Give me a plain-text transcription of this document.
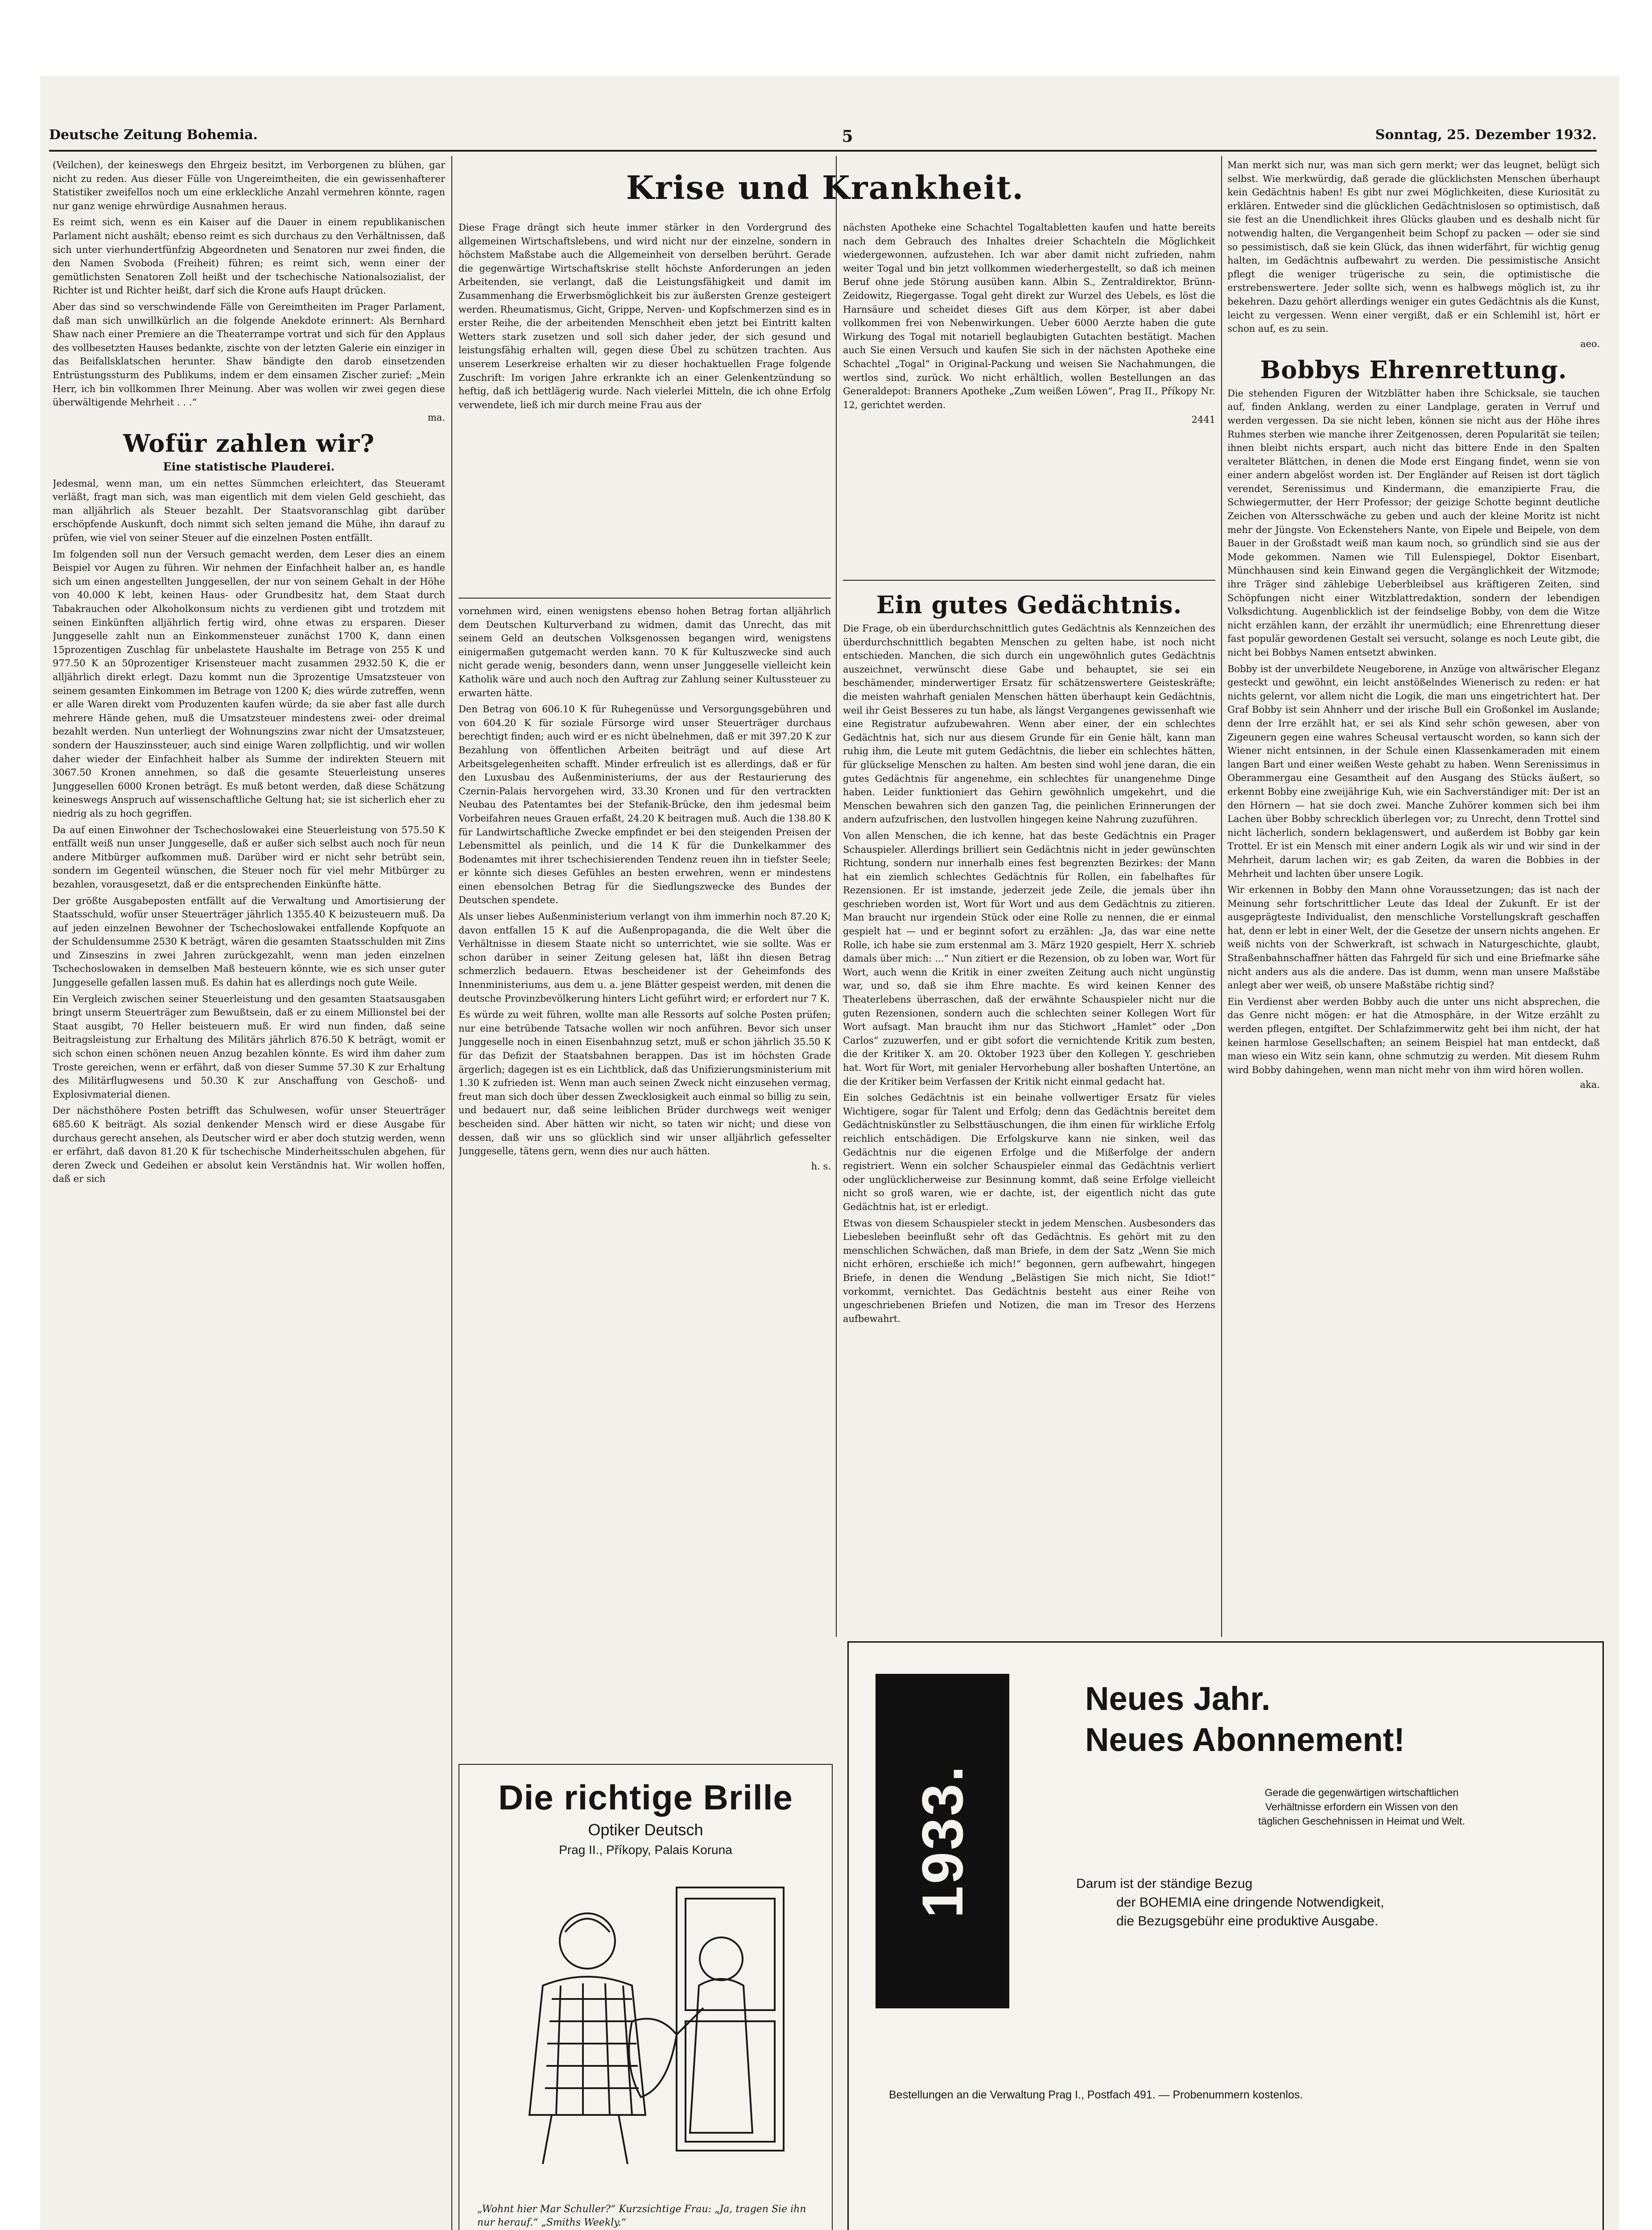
Deutsche Zeitung Bohemia.	5	Sonntag, 25. Dezember 1932.

(Veilchen), der keineswegs den Ehrgeiz besitzt, im Verborgenen zu blühen, gar nicht zu reden. Aus dieser Fülle von Ungereimtheiten, die ein gewissenhafterer Statistiker zweifellos noch um eine erkleckliche Anzahl vermehren könnte, ragen nur ganz wenige ehrwürdige Ausnahmen heraus.

Es reimt sich, wenn es ein Kaiser auf die Dauer in einem republikanischen Parlament nicht aushält; ebenso reimt es sich durchaus zu den Verhältnissen, daß sich unter vierhundertfünfzig Abgeordneten und Senatoren nur zwei finden, die den Namen Svoboda (Freiheit) führen; es reimt sich, wenn einer der gemütlichsten Senatoren Zoll heißt und der tschechische Nationalsozialist, der Richter ist und Richter heißt, darf sich die Krone aufs Haupt drücken.

Aber das sind so verschwindende Fälle von Gereimtheiten im Prager Parlament, daß man sich unwillkürlich an die folgende Anekdote erinnert: Als Bernhard Shaw nach einer Premiere an die Theaterrampe vortrat und sich für den Applaus des vollbesetzten Hauses bedankte, zischte von der letzten Galerie ein einziger in das Beifallsklatschen herunter. Shaw bändigte den darob einsetzenden Entrüstungssturm des Publikums, indem er dem einsamen Zischer zurief: „Mein Herr, ich bin vollkommen Ihrer Meinung. Aber was wollen wir zwei gegen diese überwältigende Mehrheit . . .“

ma.
Wofür zahlen wir?
Eine statistische Plauderei.

Jedesmal, wenn man, um ein nettes Sümmchen erleichtert, das Steueramt verläßt, fragt man sich, was man eigentlich mit dem vielen Geld geschieht, das man alljährlich als Steuer bezahlt. Der Staatsvoranschlag gibt darüber erschöpfende Auskunft, doch nimmt sich selten jemand die Mühe, ihn darauf zu prüfen, wie viel von seiner Steuer auf die einzelnen Posten entfällt.

Im folgenden soll nun der Versuch gemacht werden, dem Leser dies an einem Beispiel vor Augen zu führen. Wir nehmen der Einfachheit halber an, es handle sich um einen angestellten Junggesellen, der nur von seinem Gehalt in der Höhe von 40.000 K lebt, keinen Haus- oder Grundbesitz hat, dem Staat durch Tabakrauchen oder Alkoholkonsum nichts zu verdienen gibt und trotzdem mit seinen Einkünften alljährlich fertig wird, ohne etwas zu ersparen. Dieser Junggeselle zahlt nun an Einkommensteuer zunächst 1700 K, dann einen 15prozentigen Zuschlag für unbelastete Haushalte im Betrage von 255 K und 977.50 K an 50prozentiger Krisensteuer macht zusammen 2932.50 K, die er alljährlich direkt erlegt. Dazu kommt nun die 3prozentige Umsatzsteuer von seinem gesamten Einkommen im Betrage von 1200 K; dies würde zutreffen, wenn er alle Waren direkt vom Produzenten kaufen würde; da sie aber fast alle durch mehrere Hände gehen, muß die Umsatzsteuer mindestens zwei- oder dreimal bezahlt werden. Nun unterliegt der Wohnungszins zwar nicht der Umsatzsteuer, sondern der Hauszinssteuer, auch sind einige Waren zollpflichtig, und wir wollen daher wieder der Einfachheit halber als Summe der indirekten Steuern mit 3067.50 Kronen annehmen, so daß die gesamte Steuerleistung unseres Junggesellen 6000 Kronen beträgt. Es muß betont werden, daß diese Schätzung keineswegs Anspruch auf wissenschaftliche Geltung hat; sie ist sicherlich eher zu niedrig als zu hoch gegriffen.

Da auf einen Einwohner der Tschechoslowakei eine Steuerleistung von 575.50 K entfällt weiß nun unser Junggeselle, daß er außer sich selbst auch noch für neun andere Mitbürger aufkommen muß. Darüber wird er nicht sehr betrübt sein, sondern im Gegenteil wünschen, die Steuer noch für viel mehr Mitbürger zu bezahlen, vorausgesetzt, daß er die entsprechenden Einkünfte hätte.

Der größte Ausgabeposten entfällt auf die Verwaltung und Amortisierung der Staatsschuld, wofür unser Steuerträger jährlich 1355.40 K beizusteuern muß. Da auf jeden einzelnen Bewohner der Tschechoslowakei entfallende Kopfquote an der Schuldensumme 2530 K beträgt, wären die gesamten Staatsschulden mit Zins und Zinseszins in zwei Jahren zurückgezahlt, wenn man jeden einzelnen Tschechoslowaken in demselben Maß besteuern könnte, wie es sich unser guter Junggeselle gefallen lassen muß. Es dahin hat es allerdings noch gute Weile.

Ein Vergleich zwischen seiner Steuerleistung und den gesamten Staatsausgaben bringt unserm Steuerträger zum Bewußtsein, daß er zu einem Millionstel bei der Staat ausgibt, 70 Heller beisteuern muß. Er wird nun finden, daß seine Beitragsleistung zur Erhaltung des Militärs jährlich 876.50 K beträgt, womit er sich schon einen schönen neuen Anzug bezahlen könnte. Es wird ihm daher zum Troste gereichen, wenn er erfährt, daß von dieser Summe 57.30 K zur Erhaltung des Militärflugwesens und 50.30 K zur Anschaffung von Geschoß- und Explosivmaterial dienen.

Der nächsthöhere Posten betrifft das Schulwesen, wofür unser Steuerträger 685.60 K beiträgt. Als sozial denkender Mensch wird er diese Ausgabe für durchaus gerecht ansehen, als Deutscher wird er aber doch stutzig werden, wenn er erfährt, daß davon 81.20 K für tschechische Minderheitsschulen abgehen, für deren Zweck und Gedeihen er absolut kein Verständnis hat. Wir wollen hoffen, daß er sich

Krise und Krankheit.

Diese Frage drängt sich heute immer stärker in den Vordergrund des allgemeinen Wirtschaftslebens, und wird nicht nur der einzelne, sondern in höchstem Maßstabe auch die Allgemeinheit von derselben berührt. Gerade die gegenwärtige Wirtschaftskrise stellt höchste Anforderungen an jeden Arbeitenden, sie verlangt, daß die Leistungsfähigkeit und damit im Zusammenhang die Erwerbsmöglichkeit bis zur äußersten Grenze gesteigert werden. Rheumatismus, Gicht, Grippe, Nerven- und Kopfschmerzen sind es in erster Reihe, die der arbeitenden Menschheit eben jetzt bei Eintritt kalten Wetters stark zusetzen und soll sich daher jeder, der sich gesund und leistungsfähig erhalten will, gegen diese Übel zu schützen trachten. Aus unserem Leserkreise erhalten wir zu dieser hochaktuellen Frage folgende Zuschrift: Im vorigen Jahre erkrankte ich an einer Gelenkentzündung so heftig, daß ich bettlägerig wurde. Nach vielerlei Mitteln, die ich ohne Erfolg verwendete, ließ ich mir durch meine Frau aus der

vornehmen wird, einen wenigstens ebenso hohen Betrag fortan alljährlich dem Deutschen Kulturverband zu widmen, damit das Unrecht, das mit seinem Geld an deutschen Volksgenossen begangen wird, wenigstens einigermaßen gutgemacht werden kann. 70 K für Kultuszwecke sind auch nicht gerade wenig, besonders dann, wenn unser Junggeselle vielleicht kein Katholik wäre und auch noch den Auftrag zur Zahlung seiner Kultussteuer zu erwarten hätte.

Den Betrag von 606.10 K für Ruhegenüsse und Versorgungsgebühren und von 604.20 K für soziale Fürsorge wird unser Steuerträger durchaus berechtigt finden; auch wird er es nicht übelnehmen, daß er mit 397.20 K zur Bezahlung von öffentlichen Arbeiten beiträgt und auf diese Art Arbeitsgelegenheiten schafft. Minder erfreulich ist es allerdings, daß er für den Luxusbau des Außenministeriums, der aus der Restaurierung des Czernin-Palais hervorgehen wird, 33.30 Kronen und für den vertrackten Neubau des Patentamtes bei der Stefanik-Brücke, den ihm jedesmal beim Vorbeifahren neues Grauen erfaßt, 24.20 K beitragen muß. Auch die 138.80 K für Landwirtschaftliche Zwecke empfindet er bei den steigenden Preisen der Lebensmittel als peinlich, und die 14 K für die Dunkelkammer des Bodenamtes mit ihrer tschechisierenden Tendenz reuen ihn in tiefster Seele; er könnte sich dieses Gefühles an besten erwehren, wenn er mindestens einen ebensolchen Betrag für die Siedlungszwecke des Bundes der Deutschen spendete.

Als unser liebes Außenministerium verlangt von ihm immerhin noch 87.20 K; davon entfallen 15 K auf die Außenpropaganda, die die Welt über die Verhältnisse in diesem Staate nicht so unterrichtet, wie sie sollte. Was er schon darüber in seiner Zeitung gelesen hat, läßt ihn diesen Betrag schmerzlich bedauern. Etwas bescheidener ist der Geheimfonds des Innenministeriums, aus dem u. a. jene Blätter gespeist werden, mit denen die deutsche Provinzbevölkerung hinters Licht geführt wird; er erfordert nur 7 K.

Es würde zu weit führen, wollte man alle Ressorts auf solche Posten prüfen; nur eine betrübende Tatsache wollen wir noch anführen. Bevor sich unser Junggeselle noch in einen Eisenbahnzug setzt, muß er schon jährlich 35.50 K für das Defizit der Staatsbahnen berappen. Das ist im höchsten Grade ärgerlich; dagegen ist es ein Lichtblick, daß das Unifizierungsministerium mit 1.30 K zufrieden ist. Wenn man auch seinen Zweck nicht einzusehen vermag, freut man sich doch über dessen Zwecklosigkeit auch einmal so billig zu sein, und bedauert nur, daß seine leiblichen Brüder durchwegs weit weniger bescheiden sind. Aber hätten wir nicht, so taten wir nicht; und diese von dessen, daß wir uns so glücklich sind wir unser alljährlich gefesselter Junggeselle, tätens gern, wenn dies nur auch hätten.

h. s.
Die richtige Brille
Optiker Deutsch
Prag II., Příkopy, Palais Koruna
„Wohnt hier Mar Schuller?“ Kurzsichtige Frau: „Ja, tragen Sie ihn nur herauf.“ „Smiths Weekly.“

nächsten Apotheke eine Schachtel Togaltabletten kaufen und hatte bereits nach dem Gebrauch des Inhaltes dreier Schachteln die Möglichkeit wiedergewonnen, aufzustehen. Ich war aber damit nicht zufrieden, nahm weiter Togal und bin jetzt vollkommen wiederhergestellt, so daß ich meinen Beruf ohne jede Störung ausüben kann. Albin S., Zentraldirektor, Brünn-Zeidowitz, Riegergasse. Togal geht direkt zur Wurzel des Uebels, es löst die Harnsäure und scheidet dieses Gift aus dem Körper, ist aber dabei vollkommen frei von Nebenwirkungen. Ueber 6000 Aerzte haben die gute Wirkung des Togal mit notariell beglaubigten Gutachten bestätigt. Machen auch Sie einen Versuch und kaufen Sie sich in der nächsten Apotheke eine Schachtel „Togal“ in Original-Packung und weisen Sie Nachahmungen, die wertlos sind, zurück. Wo nicht erhältlich, wollen Bestellungen an das Generaldepot: Branners Apotheke „Zum weißen Löwen“, Prag II., Příkopy Nr. 12, gerichtet werden.

2441
Ein gutes Gedächtnis.

Die Frage, ob ein überdurchschnittlich gutes Gedächtnis als Kennzeichen des überdurchschnittlich begabten Menschen zu gelten habe, ist noch nicht entschieden. Manchen, die sich durch ein ungewöhnlich gutes Gedächtnis auszeichnet, verwünscht diese Gabe und behauptet, sie sei ein beschämender, minderwertiger Ersatz für schätzenswertere Geisteskräfte; die meisten wahrhaft genialen Menschen hätten überhaupt kein Gedächtnis, weil ihr Geist Besseres zu tun habe, als längst Vergangenes gewissenhaft wie eine Registratur aufzubewahren. Wenn aber einer, der ein schlechtes Gedächtnis hat, sich nur aus diesem Grunde für ein Genie hält, kann man ruhig ihm, die Leute mit gutem Gedächtnis, die lieber ein schlechtes hätten, für glückselige Menschen zu halten. Am besten sind wohl jene daran, die ein gutes Gedächtnis für angenehme, ein schlechtes für unangenehme Dinge haben. Leider funktioniert das Gehirn gewöhnlich umgekehrt, und die Menschen bewahren sich den ganzen Tag, die peinlichen Erinnerungen der andern aufzufrischen, den lustvollen hingegen keine Nahrung zuzuführen.

Von allen Menschen, die ich kenne, hat das beste Gedächtnis ein Prager Schauspieler. Allerdings brilliert sein Gedächtnis nicht in jeder gewünschten Richtung, sondern nur innerhalb eines fest begrenzten Bezirkes: der Mann hat ein ziemlich schlechtes Gedächtnis für Rollen, ein fabelhaftes für Rezensionen. Er ist imstande, jederzeit jede Zeile, die jemals über ihn geschrieben worden ist, Wort für Wort und aus dem Gedächtnis zu zitieren. Man braucht nur irgendein Stück oder eine Rolle zu nennen, die er einmal gespielt hat — und er beginnt sofort zu erzählen: „Ja, das war eine nette Rolle, ich habe sie zum erstenmal am 3. März 1920 gespielt, Herr X. schrieb damals über mich: ...“ Nun zitiert er die Rezension, ob zu loben war, Wort für Wort, auch wenn die Kritik in einer zweiten Zeitung auch nicht ungünstig war, und so, daß sie ihm Ehre machte. Es wird keinen Kenner des Theaterlebens überraschen, daß der erwähnte Schauspieler nicht nur die guten Rezensionen, sondern auch die schlechten seiner Kollegen Wort für Wort aufsagt. Man braucht ihm nur das Stichwort „Hamlet“ oder „Don Carlos“ zuzuwerfen, und er gibt sofort die vernichtende Kritik zum besten, die der Kritiker X. am 20. Oktober 1923 über den Kollegen Y. geschrieben hat. Wort für Wort, mit genialer Hervorhebung aller boshaften Untertöne, an die der Kritiker beim Verfassen der Kritik nicht einmal gedacht hat.

Ein solches Gedächtnis ist ein beinahe vollwertiger Ersatz für vieles Wichtigere, sogar für Talent und Erfolg; denn das Gedächtnis bereitet dem Gedächtniskünstler zu Selbsttäuschungen, die ihm einen für wirkliche Erfolg reichlich entschädigen. Die Erfolgskurve kann nie sinken, weil das Gedächtnis nur die eigenen Erfolge und die Mißerfolge der andern registriert. Wenn ein solcher Schauspieler einmal das Gedächtnis verliert oder unglücklicherweise zur Besinnung kommt, daß seine Erfolge vielleicht nicht so groß waren, wie er dachte, ist, der eigentlich nicht das gute Gedächtnis hat, ist er erledigt.

Etwas von diesem Schauspieler steckt in jedem Menschen. Ausbesonders das Liebesleben beeinflußt sehr oft das Gedächtnis. Es gehört mit zu den menschlichen Schwächen, daß man Briefe, in dem der Satz „Wenn Sie mich nicht erhören, erschieße ich mich!“ begonnen, gern aufbewahrt, hingegen Briefe, in denen die Wendung „Belästigen Sie mich nicht, Sie Idiot!“ vorkommt, vernichtet. Das Gedächtnis besteht aus einer Reihe von ungeschriebenen Briefen und Notizen, die man im Tresor des Herzens aufbewahrt.

Man merkt sich nur, was man sich gern merkt; wer das leugnet, belügt sich selbst. Wie merkwürdig, daß gerade die glücklichsten Menschen überhaupt kein Gedächtnis haben! Es gibt nur zwei Möglichkeiten, diese Kuriosität zu erklären. Entweder sind die glücklichen Gedächtnislosen so optimistisch, daß sie fest an die Unendlichkeit ihres Glücks glauben und es deshalb nicht für notwendig halten, die Vergangenheit beim Schopf zu packen — oder sie sind so pessimistisch, daß sie kein Glück, das ihnen widerfährt, für wichtig genug halten, im Gedächtnis aufbewahrt zu werden. Die pessimistische Ansicht pflegt die weniger trügerische zu sein, die optimistische die erstrebenswertere. Jeder sollte sich, wenn es halbwegs möglich ist, zu ihr bekehren. Dazu gehört allerdings weniger ein gutes Gedächtnis als die Kunst, leicht zu vergessen. Wenn einer vergißt, daß er ein Schlemihl ist, hört er schon auf, es zu sein.

aeo.
Bobbys Ehrenrettung.

Die stehenden Figuren der Witzblätter haben ihre Schicksale, sie tauchen auf, finden Anklang, werden zu einer Landplage, geraten in Verruf und werden vergessen. Da sie nicht leben, können sie nicht aus der Höhe ihres Ruhmes sterben wie manche ihrer Zeitgenossen, deren Popularität sie teilen; ihnen bleibt nichts erspart, auch nicht das bittere Ende in den Spalten veralteter Blättchen, in denen die Mode erst Eingang findet, wenn sie von einer andern abgelöst worden ist. Der Engländer auf Reisen ist dort täglich verendet, Serenissimus und Kindermann, die emanzipierte Frau, die Schwiegermutter, der Herr Professor; der geizige Schotte beginnt deutliche Zeichen von Altersschwäche zu geben und auch der kleine Moritz ist nicht mehr der Jüngste. Von Eckenstehers Nante, von Eipele und Beipele, von dem Bauer in der Großstadt weiß man kaum noch, so gründlich sind sie aus der Mode gekommen. Namen wie Till Eulenspiegel, Doktor Eisenbart, Münchhausen sind kein Einwand gegen die Vergänglichkeit der Witzmode; ihre Träger sind zählebige Ueberbleibsel aus kräftigeren Zeiten, sind Schöpfungen nicht einer Witzblattredaktion, sondern der lebendigen Volksdichtung. Augenblicklich ist der feindselige Bobby, von dem die Witze nicht erzählen kann, der erzählt ihr unermüdlich; eine Ehrenrettung dieser fast populär gewordenen Gestalt sei versucht, solange es noch Leute gibt, die nicht bei Bobbys Namen entsetzt abwinken.

Bobby ist der unverbildete Neugeborene, in Anzüge von altwärischer Eleganz gesteckt und gewöhnt, ein leicht anstößelndes Wienerisch zu reden: er hat nichts gelernt, vor allem nicht die Logik, die man uns eingetrichtert hat. Der Graf Bobby ist sein Ahnherr und der irische Bull ein Großonkel im Auslande; denn der Irre erzählt hat, er sei als Kind sehr schön gewesen, aber von Zigeunern gegen eine wahres Scheusal vertauscht worden, so kann sich der Wiener nicht entsinnen, in der Schule einen Klassenkameraden mit einem langen Bart und einer weißen Weste gehabt zu haben. Wenn Serenissimus in Oberammergau eine Gesamtheit auf den Ausgang des Stücks äußert, so erkennt Bobby eine zweijährige Kuh, wie ein Sachverständiger mit: Der ist an den Hörnern — hat sie doch zwei. Manche Zuhörer kommen sich bei ihm Lachen über Bobby schrecklich überlegen vor; zu Unrecht, denn Trottel sind nicht lächerlich, sondern beklagenswert, und außerdem ist Bobby gar kein Trottel. Er ist ein Mensch mit einer andern Logik als wir und wir sind in der Mehrheit, darum lachen wir; es gab Zeiten, da waren die Bobbies in der Mehrheit und lachten über unsere Logik.

Wir erkennen in Bobby den Mann ohne Voraussetzungen; das ist nach der Meinung sehr fortschrittlicher Leute das Ideal der Zukunft. Er ist der ausgeprägteste Individualist, den menschliche Vorstellungskraft geschaffen hat, denn er lebt in einer Welt, der die Gesetze der unsern nichts angehen. Er weiß nichts von der Schwerkraft, ist schwach in Naturgeschichte, glaubt, Straßenbahnschaffner hätten das Fahrgeld für sich und eine Briefmarke sähe nicht anders aus als die andere. Das ist dumm, wenn man unsere Maßstäbe anlegt aber wer weiß, ob unsere Maßstäbe richtig sind?

Ein Verdienst aber werden Bobby auch die unter uns nicht absprechen, die das Genre nicht mögen: er hat die Atmosphäre, in der Witze erzählt zu werden pflegen, entgiftet. Der Schlafzimmerwitz geht bei ihm nicht, der hat keinen harmlose Gesellschaften; an seinem Beispiel hat man entdeckt, daß man wieso ein Witz sein kann, ohne schmutzig zu werden. Mit diesem Ruhm wird Bobby dahingehen, wenn man nicht mehr von ihm wird hören wollen.

aka.
1933.
Neues Jahr.
Neues Abonnement!
Gerade die gegenwärtigen wirtschaftlichen
Verhältnisse erfordern ein Wissen von den
täglichen Geschehnissen in Heimat und Welt.
Darum ist der ständige Bezug
der BOHEMIA eine dringende Notwendigkeit,
die Bezugsgebühr eine produktive Ausgabe.
Bestellungen an die Verwaltung Prag I., Postfach 491. — Probenummern kostenlos.
